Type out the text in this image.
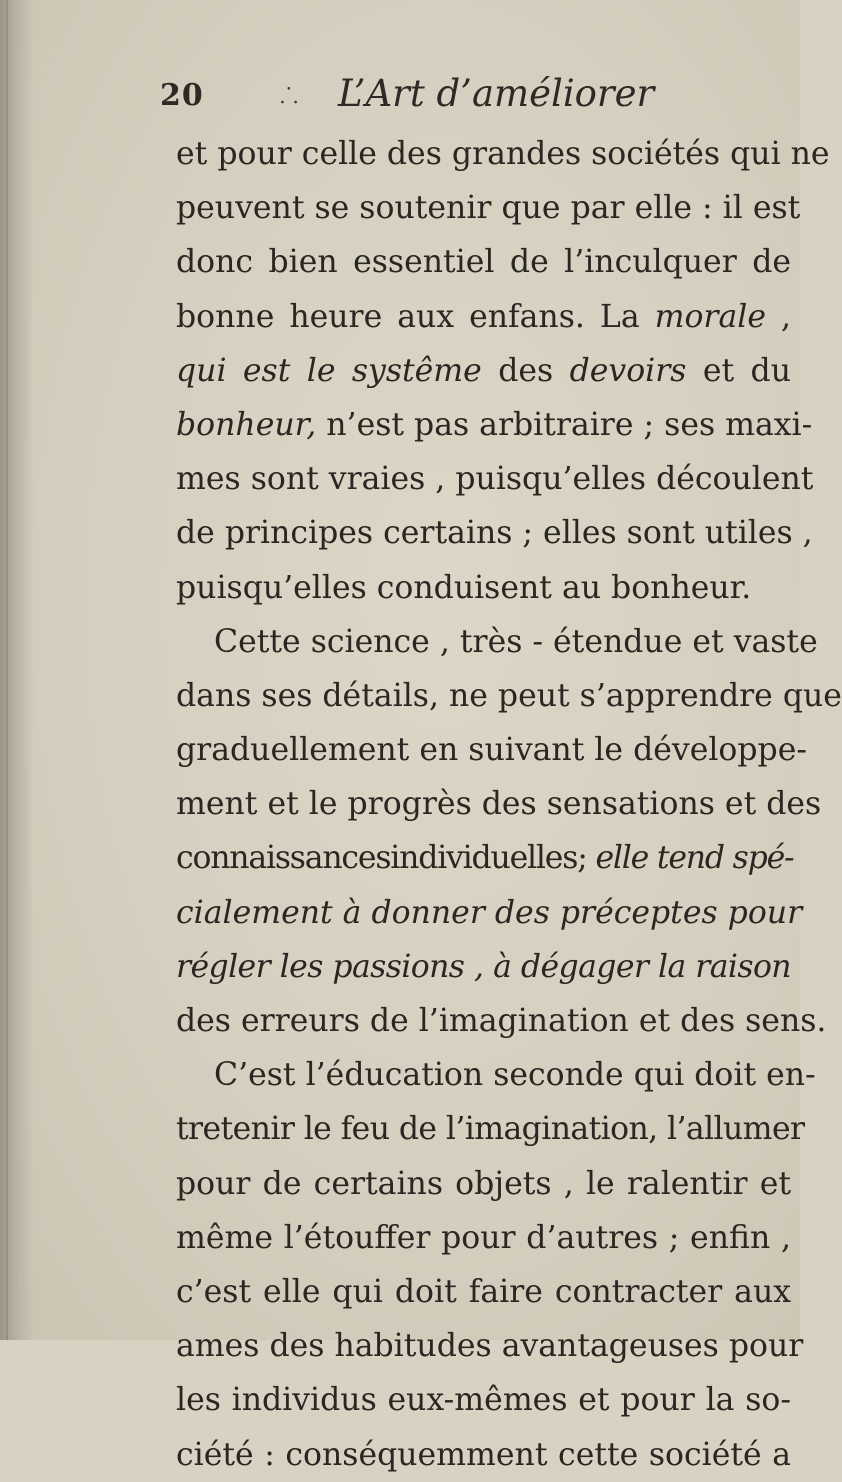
20	⸫ L’Art d’améliorer
et pour celle des grandes sociétés qui ne
peuvent se soutenir que par elle : il est
donc bien essentiel de l’inculquer de
bonne heure aux enfans. La morale ,
qui est le systême des devoirs et du
bonheur, n’est pas arbitraire ; ses maxi-
mes sont vraies , puisqu’elles découlent
de principes certains ; elles sont utiles ,
puisqu’elles conduisent au bonheur.
Cette science , très - étendue et vaste
dans ses détails, ne peut s’apprendre que
graduellement en suivant le développe-
ment et le progrès des sensations et des
connaissancesindividuelles; elle tend spé-
cialement à donner des préceptes pour
régler les passions , à dégager la raison
des erreurs de l’imagination et des sens.
C’est l’éducation seconde qui doit en-
tretenir le feu de l’imagination, l’allumer
pour de certains objets , le ralentir et
même l’étouffer pour d’autres ; enfin ,
c’est elle qui doit faire contracter aux
ames des habitudes avantageuses pour
les individus eux-mêmes et pour la so-
ciété : conséquemment cette société a
